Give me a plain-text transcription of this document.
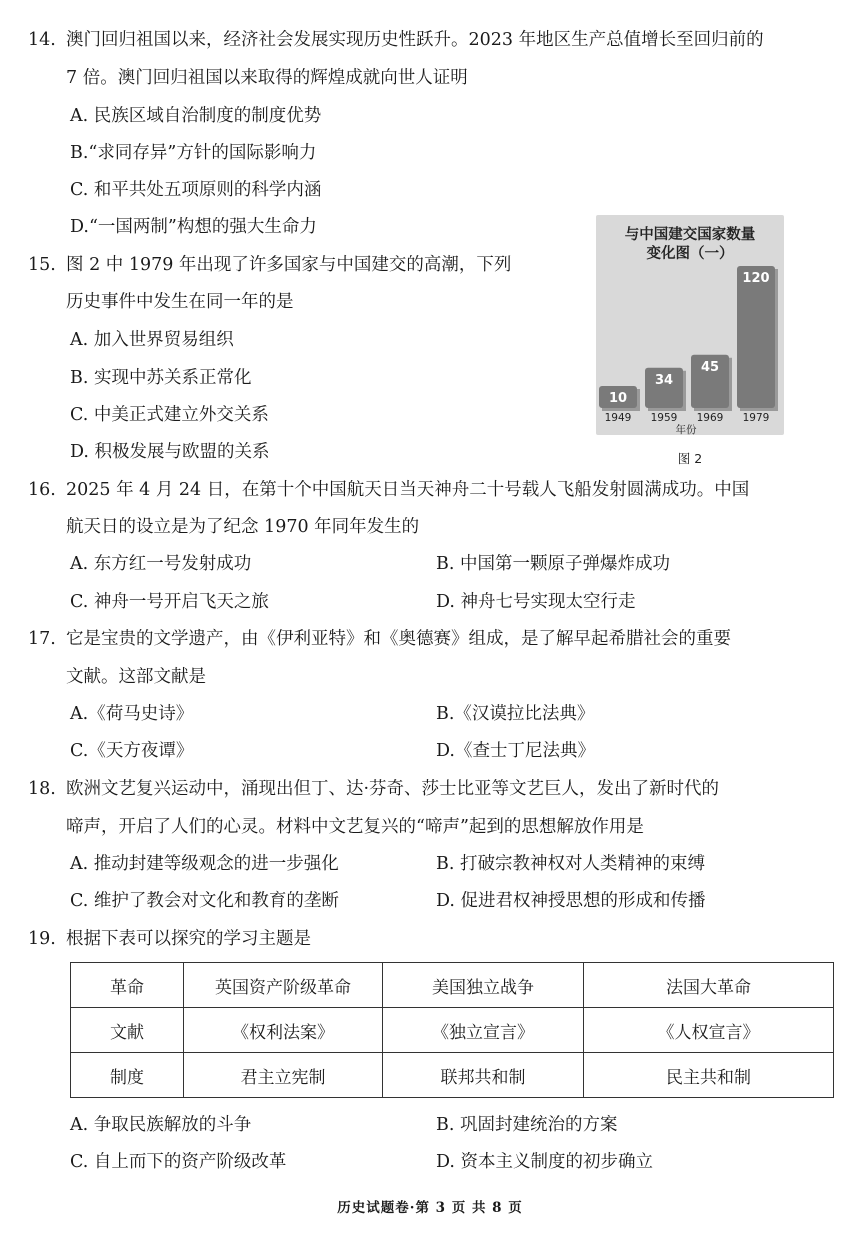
14. 澳门回归祖国以来，经济社会发展实现历史性跃升。2023 年地区生产总值增长至回归前的
7 倍。澳门回归祖国以来取得的辉煌成就向世人证明
A. 民族区域自治制度的制度优势
B.“求同存异”方针的国际影响力
C. 和平共处五项原则的科学内涵
D.“一国两制”构想的强大生命力
15. 图 2 中 1979 年出现了许多国家与中国建交的高潮，下列
历史事件中发生在同一年的是
A. 加入世界贸易组织
B. 实现中苏关系正常化
C. 中美正式建立外交关系
D. 积极发展与欧盟的关系
与中国建交国家数量
变化图（一）
10
1949
34
1959
45
1969
120
1979
年份
图 2
16. 2025 年 4 月 24 日，在第十个中国航天日当天神舟二十号载人飞船发射圆满成功。中国
航天日的设立是为了纪念 1970 年同年发生的
A. 东方红一号发射成功	B. 中国第一颗原子弹爆炸成功
C. 神舟一号开启飞天之旅	D. 神舟七号实现太空行走
17. 它是宝贵的文学遗产，由《伊利亚特》和《奥德赛》组成，是了解早起希腊社会的重要
文献。这部文献是
A.《荷马史诗》	B.《汉谟拉比法典》
C.《天方夜谭》	D.《查士丁尼法典》
18. 欧洲文艺复兴运动中，涌现出但丁、达·芬奇、莎士比亚等文艺巨人，发出了新时代的
啼声，开启了人们的心灵。材料中文艺复兴的“啼声”起到的思想解放作用是
A. 推动封建等级观念的进一步强化	B. 打破宗教神权对人类精神的束缚
C. 维护了教会对文化和教育的垄断	D. 促进君权神授思想的形成和传播
19. 根据下表可以探究的学习主题是
革命	英国资产阶级革命	美国独立战争	法国大革命
文献	《权利法案》	《独立宣言》	《人权宣言》
制度	君主立宪制	联邦共和制	民主共和制
A. 争取民族解放的斗争	B. 巩固封建统治的方案
C. 自上而下的资产阶级改革	D. 资本主义制度的初步确立
历史试题卷·第 3 页 共 8 页
